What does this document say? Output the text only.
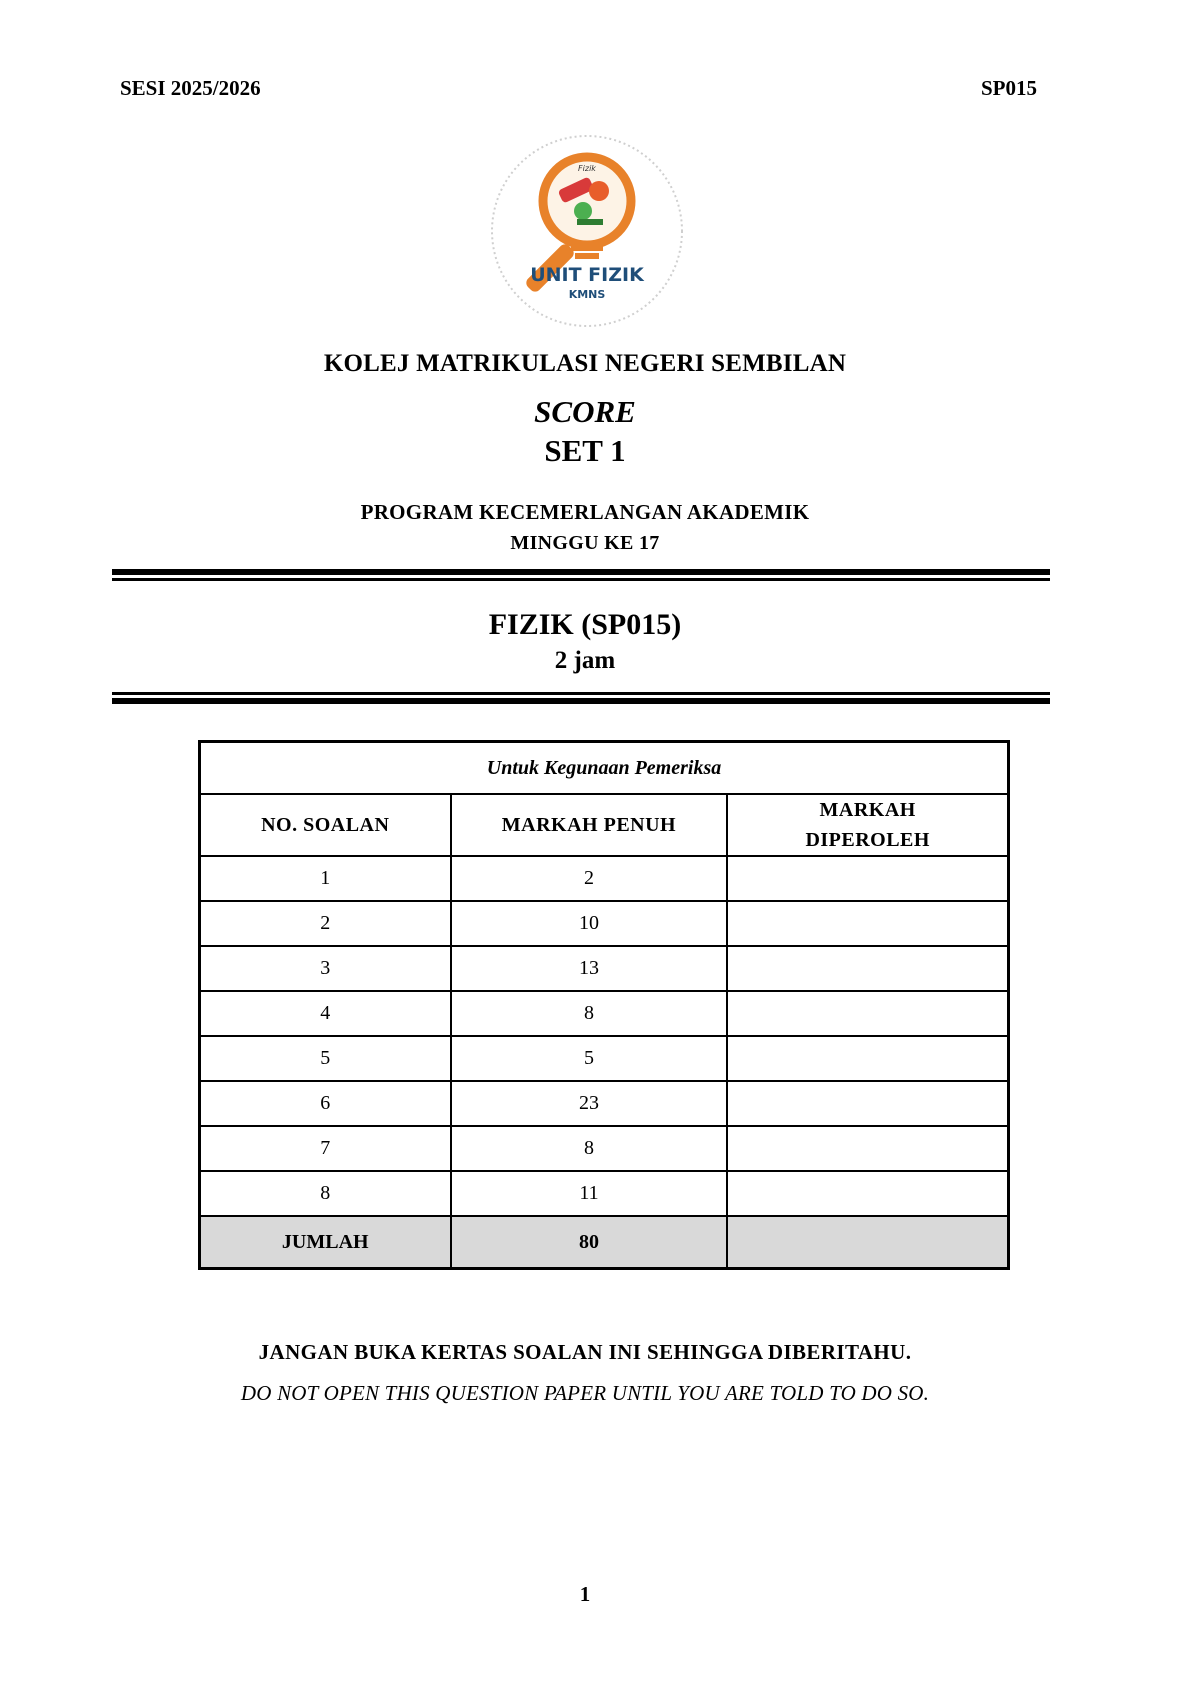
SESI 2025/2026	SP015
Fizik
UNIT FIZIK
KMNS
KOLEJ MATRIKULASI NEGERI SEMBILAN
SCORE
SET 1
PROGRAM KECEMERLANGAN AKADEMIK
MINGGU KE 17
FIZIK (SP015)
2 jam
Untuk Kegunaan Pemeriksa		
NO. SOALAN	MARKAH PENUH	MARKAH
DIPEROLEH

1	2	
2	10	
3	13	
4	8	
5	5	
6	23	
7	8	
8	11	
JUMLAH	80	
JANGAN BUKA KERTAS SOALAN INI SEHINGGA DIBERITAHU.
DO NOT OPEN THIS QUESTION PAPER UNTIL YOU ARE TOLD TO DO SO.
1
